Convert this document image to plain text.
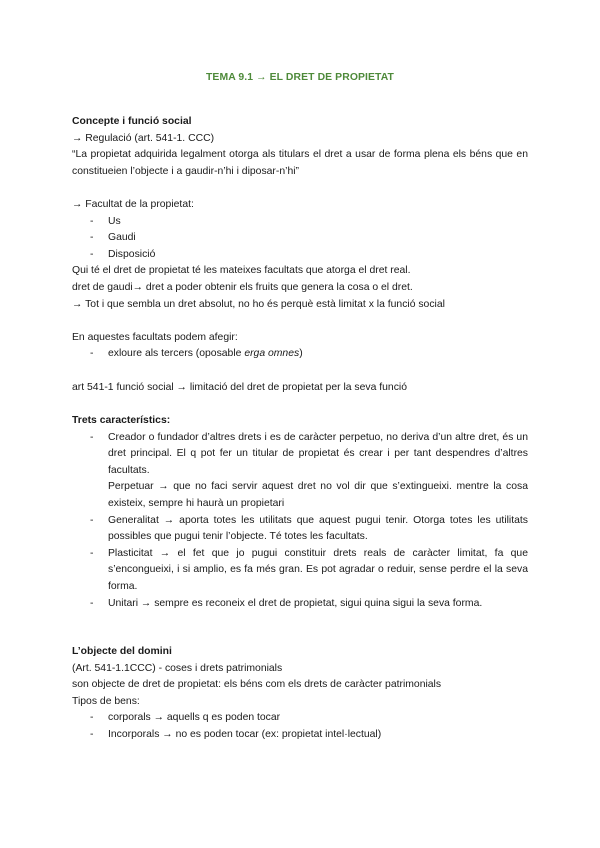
TEMA 9.1 → EL DRET DE PROPIETAT

Concepte i funció social

→ Regulació (art. 541-1. CCC)

“La propietat adquirida legalment otorga als titulars el dret a usar de forma plena els béns que en constitueien l’objecte i a gaudir-n’hi i diposar-n’hi”

→ Facultat de la propietat:

- Us
- Gaudi
- Disposició

Qui té el dret de propietat té les mateixes facultats que atorga el dret real.

dret de gaudi→ dret a poder obtenir els fruits que genera la cosa o el dret.

→ Tot i que sembla un dret absolut, no ho és perquè està limitat x la funció social

En aquestes facultats podem afegir:

- exloure als tercers (oposable erga omnes)

art 541-1 funció social → limitació del dret de propietat per la seva funció

Trets característics:

- Creador o fundador d’altres drets i es de caràcter perpetuo, no deriva d’un altre dret, és un dret principal. El q pot fer un titular de propietat és crear i per tant despendres d’altres facultats.

Perpetuar → que no faci servir aquest dret no vol dir que s’extingueixi. mentre la cosa existeix, sempre hi haurà un propietari

- Generalitat → aporta totes les utilitats que aquest pugui tenir. Otorga totes les utilitats possibles que pugui tenir l’objecte. Té totes les facultats.
- Plasticitat → el fet que jo pugui constituir drets reals de caràcter limitat, fa que s’encongueixi, i si amplio, es fa més gran. Es pot agradar o reduir, sense perdre el la seva forma.
- Unitari → sempre es reconeix el dret de propietat, sigui quina sigui la seva forma.

L’objecte del domini

(Art. 541-1.1CCC) - coses i drets patrimonials

son objecte de dret de propietat: els béns com els drets de caràcter patrimonials

Tipos de bens:

- corporals → aquells q es poden tocar
- Incorporals → no es poden tocar (ex: propietat intel·lectual)
